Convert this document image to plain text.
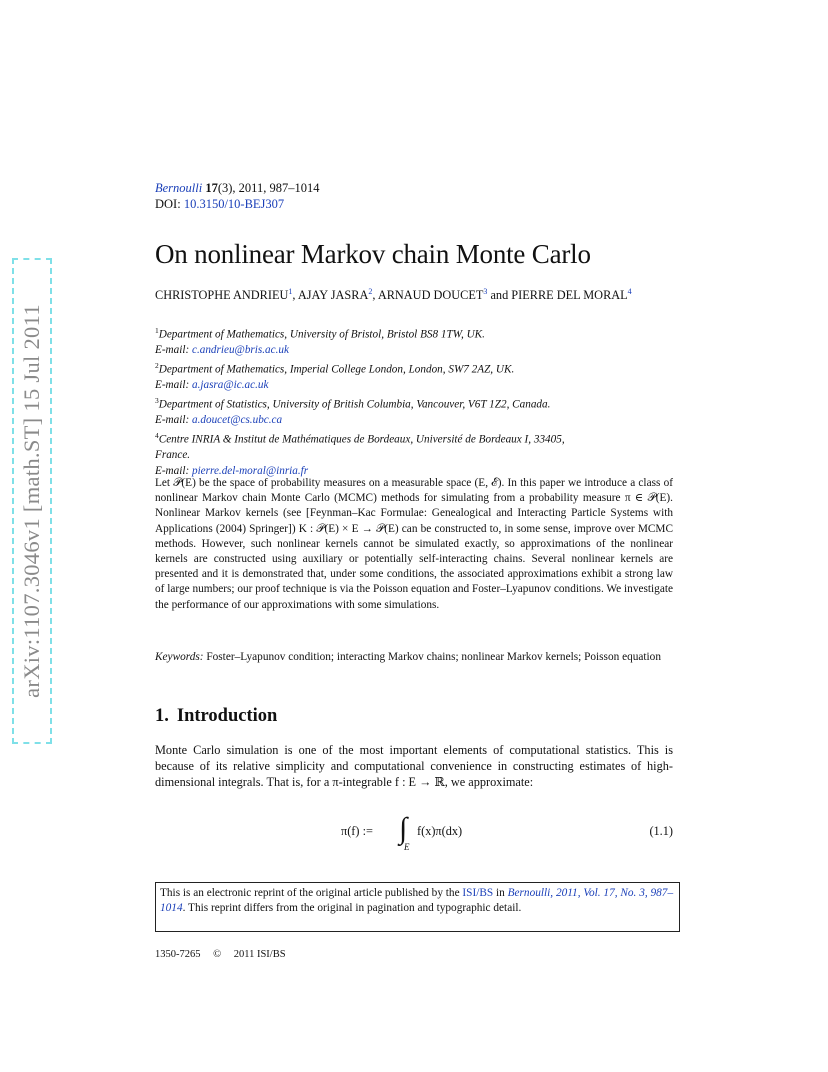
arXiv:1107.3046v1 [math.ST] 15 Jul 2011
Bernoulli 17(3), 2011, 987–1014
DOI: 10.3150/10-BEJ307
On nonlinear Markov chain Monte Carlo
CHRISTOPHE ANDRIEU$^1$, AJAY JASRA$^2$, ARNAUD DOUCET$^3$ and PIERRE DEL MORAL$^4$
$^1$Department of Mathematics, University of Bristol, Bristol BS8 1TW, UK.
E-mail: c.andrieu@bris.ac.uk
$^2$Department of Mathematics, Imperial College London, London, SW7 2AZ, UK.
E-mail: a.jasra@ic.ac.uk
$^3$Department of Statistics, University of British Columbia, Vancouver, V6T 1Z2, Canada.
E-mail: a.doucet@cs.ubc.ca
$^4$Centre INRIA & Institut de Mathématiques de Bordeaux, Université de Bordeaux I, 33405,
France.
E-mail: pierre.del-moral@inria.fr

Let 𝒫(E) be the space of probability measures on a measurable space (E, ℰ). In this paper we introduce a class of nonlinear Markov chain Monte Carlo (MCMC) methods for simulating from a probability measure π ∈ 𝒫(E). Nonlinear Markov kernels (see [Feynman–Kac Formulae: Genealogical and Interacting Particle Systems with Applications (2004) Springer]) K : 𝒫(E) × E → 𝒫(E) can be constructed to, in some sense, improve over MCMC methods. However, such nonlinear kernels cannot be simulated exactly, so approximations of the nonlinear kernels are constructed using auxiliary or potentially self-interacting chains. Several nonlinear kernels are presented and it is demonstrated that, under some conditions, the associated approximations exhibit a strong law of large numbers; our proof technique is via the Poisson equation and Foster–Lyapunov conditions. We investigate the performance of our approximations with some simulations.

Keywords: Foster–Lyapunov condition; interacting Markov chains; nonlinear Markov kernels; Poisson equation
1. Introduction

Monte Carlo simulation is one of the most important elements of computational statistics. This is because of its relative simplicity and computational convenience in constructing estimates of high-dimensional integrals. That is, for a π-integrable f : E → ℝ, we approximate:

π(f) := ∫
E
f(x)π(dx)	(1.1)
This is an electronic reprint of the original article published by the ISI/BS in Bernoulli, 2011, Vol. 17, No. 3, 987–1014. This reprint differs from the original in pagination and typographic detail.
1350-7265 © 2011 ISI/BS
